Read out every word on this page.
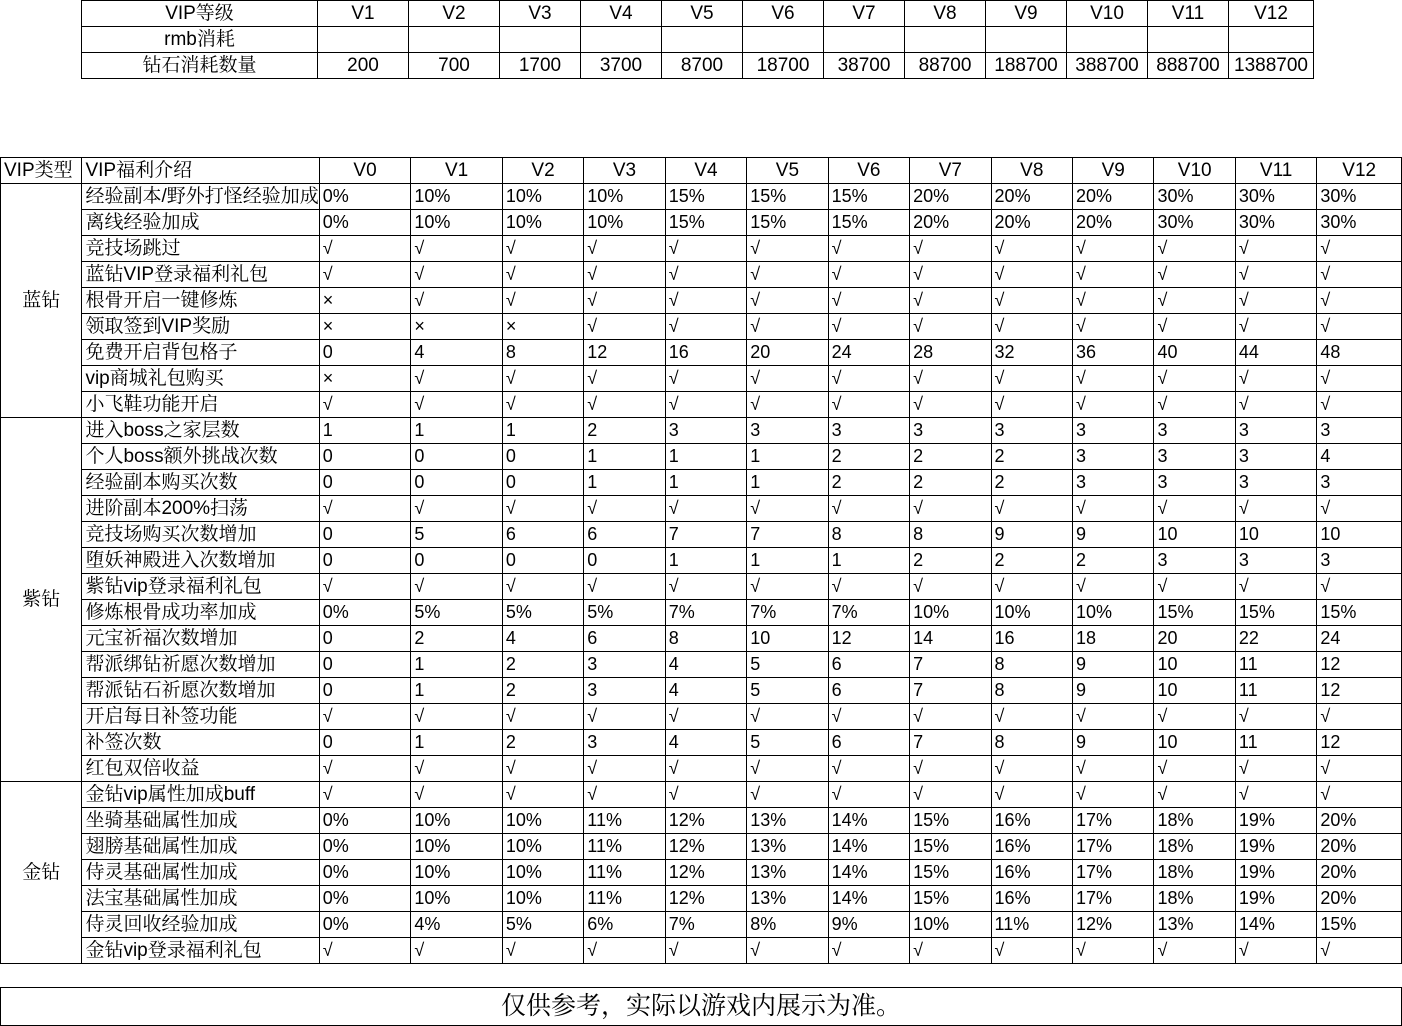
VIP等级	V1	V2	V3	V4	V5	V6	V7	V8	V9	V10	V11	V12
rmb消耗												
钻石消耗数量	200	700	1700	3700	8700	18700	38700	88700	188700	388700	888700	1388700
VIP类型	VIP福利介绍	V0	V1	V2	V3	V4	V5	V6	V7	V8	V9	V10	V11	V12
蓝钻	经验副本/野外打怪经验加成	0%	10%	10%	10%	15%	15%	15%	20%	20%	20%	30%	30%	30%
	离线经验加成	0%	10%	10%	10%	15%	15%	15%	20%	20%	20%	30%	30%	30%
	竞技场跳过	√	√	√	√	√	√	√	√	√	√	√	√	√
	蓝钻VIP登录福利礼包	√	√	√	√	√	√	√	√	√	√	√	√	√
	根骨开启一键修炼	×	√	√	√	√	√	√	√	√	√	√	√	√
	领取签到VIP奖励	×	×	×	√	√	√	√	√	√	√	√	√	√
	免费开启背包格子	0	4	8	12	16	20	24	28	32	36	40	44	48
	vip商城礼包购买	×	√	√	√	√	√	√	√	√	√	√	√	√
	小飞鞋功能开启	√	√	√	√	√	√	√	√	√	√	√	√	√
紫钻	进入boss之家层数	1	1	1	2	3	3	3	3	3	3	3	3	3
	个人boss额外挑战次数	0	0	0	1	1	1	2	2	2	3	3	3	4
	经验副本购买次数	0	0	0	1	1	1	2	2	2	3	3	3	3
	进阶副本200%扫荡	√	√	√	√	√	√	√	√	√	√	√	√	√
	竞技场购买次数增加	0	5	6	6	7	7	8	8	9	9	10	10	10
	堕妖神殿进入次数增加	0	0	0	0	1	1	1	2	2	2	3	3	3
	紫钻vip登录福利礼包	√	√	√	√	√	√	√	√	√	√	√	√	√
	修炼根骨成功率加成	0%	5%	5%	5%	7%	7%	7%	10%	10%	10%	15%	15%	15%
	元宝祈福次数增加	0	2	4	6	8	10	12	14	16	18	20	22	24
	帮派绑钻祈愿次数增加	0	1	2	3	4	5	6	7	8	9	10	11	12
	帮派钻石祈愿次数增加	0	1	2	3	4	5	6	7	8	9	10	11	12
	开启每日补签功能	√	√	√	√	√	√	√	√	√	√	√	√	√
	补签次数	0	1	2	3	4	5	6	7	8	9	10	11	12
	红包双倍收益	√	√	√	√	√	√	√	√	√	√	√	√	√
金钻	金钻vip属性加成buff	√	√	√	√	√	√	√	√	√	√	√	√	√
	坐骑基础属性加成	0%	10%	10%	11%	12%	13%	14%	15%	16%	17%	18%	19%	20%
	翅膀基础属性加成	0%	10%	10%	11%	12%	13%	14%	15%	16%	17%	18%	19%	20%
	侍灵基础属性加成	0%	10%	10%	11%	12%	13%	14%	15%	16%	17%	18%	19%	20%
	法宝基础属性加成	0%	10%	10%	11%	12%	13%	14%	15%	16%	17%	18%	19%	20%
	侍灵回收经验加成	0%	4%	5%	6%	7%	8%	9%	10%	11%	12%	13%	14%	15%
	金钻vip登录福利礼包	√	√	√	√	√	√	√	√	√	√	√	√	√
仅供参考，实际以游戏内展示为准。
